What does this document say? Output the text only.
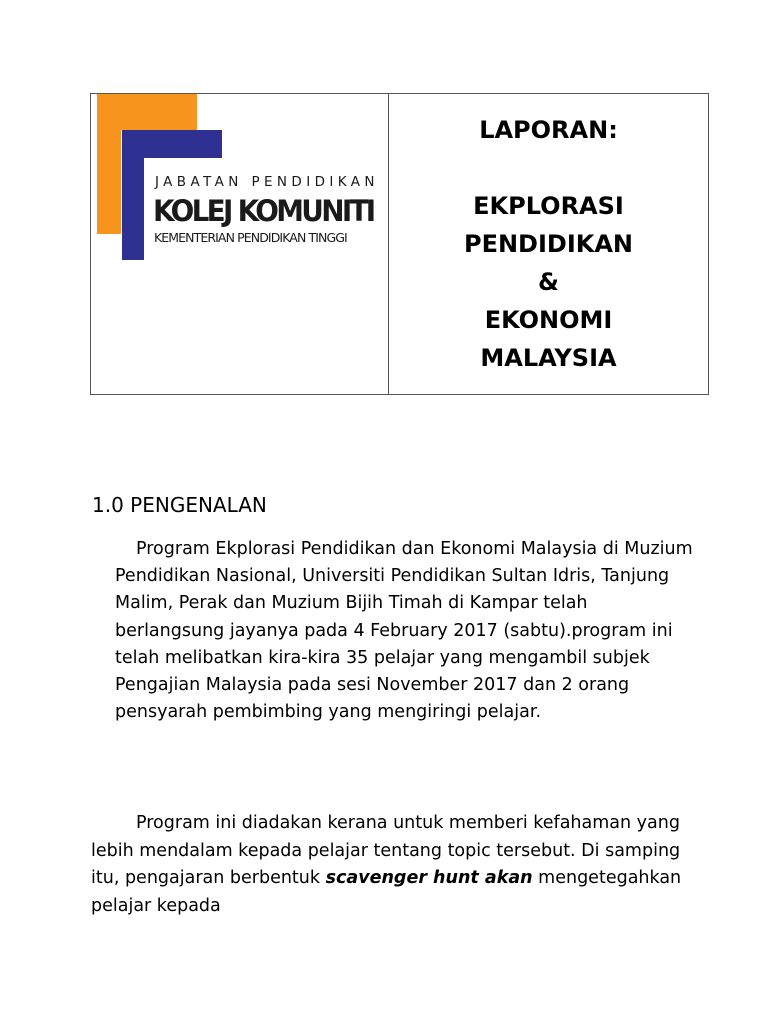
JABATAN PENDIDIKAN
KOLEJ KOMUNITI
KEMENTERIAN PENDIDIKAN TINGGI
LAPORAN:
EKPLORASI
PENDIDIKAN
&
EKONOMI
MALAYSIA
1.0 PENGENALAN

Program Ekplorasi Pendidikan dan Ekonomi Malaysia di Muzium Pendidikan Nasional, Universiti Pendidikan Sultan Idris, Tanjung Malim, Perak dan Muzium Bijih Timah di Kampar telah berlangsung jayanya pada 4 February 2017 (sabtu).program ini telah melibatkan kira-kira 35 pelajar yang mengambil subjek Pengajian Malaysia pada sesi November 2017 dan 2 orang pensyarah pembimbing yang mengiringi pelajar.

Program ini diadakan kerana untuk memberi kefahaman yang lebih mendalam kepada pelajar tentang topic tersebut. Di samping itu, pengajaran berbentuk scavenger hunt akan mengetegahkan pelajar kepada
